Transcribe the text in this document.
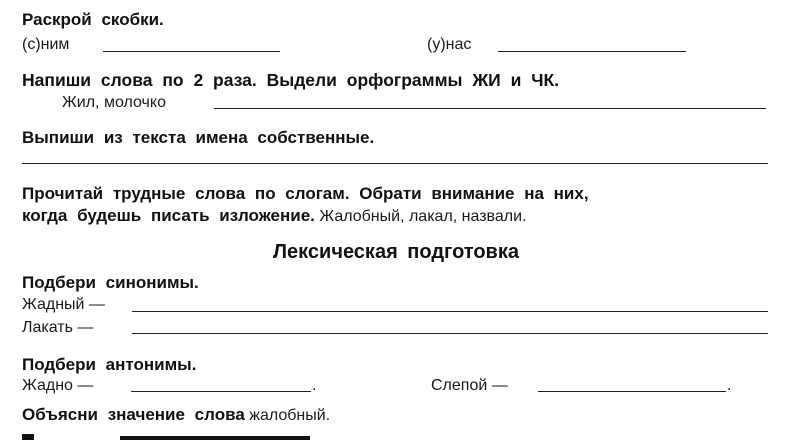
Раскрой скобки.
(с)ним	(у)нас
Напиши слова по 2 раза. Выдели орфограммы ЖИ и ЧК.
Жил, молочко
Выпиши из текста имена собственные.
Прочитай трудные слова по слогам. Обрати внимание на них,
когда будешь писать изложение. Жалобный, лакал, назвали.
Лексическая подготовка
Подбери синонимы.
Жадный —
Лакать —
Подбери антонимы.
Жадно —	.	Слепой —	.
Объясни значение слова жалобный.
